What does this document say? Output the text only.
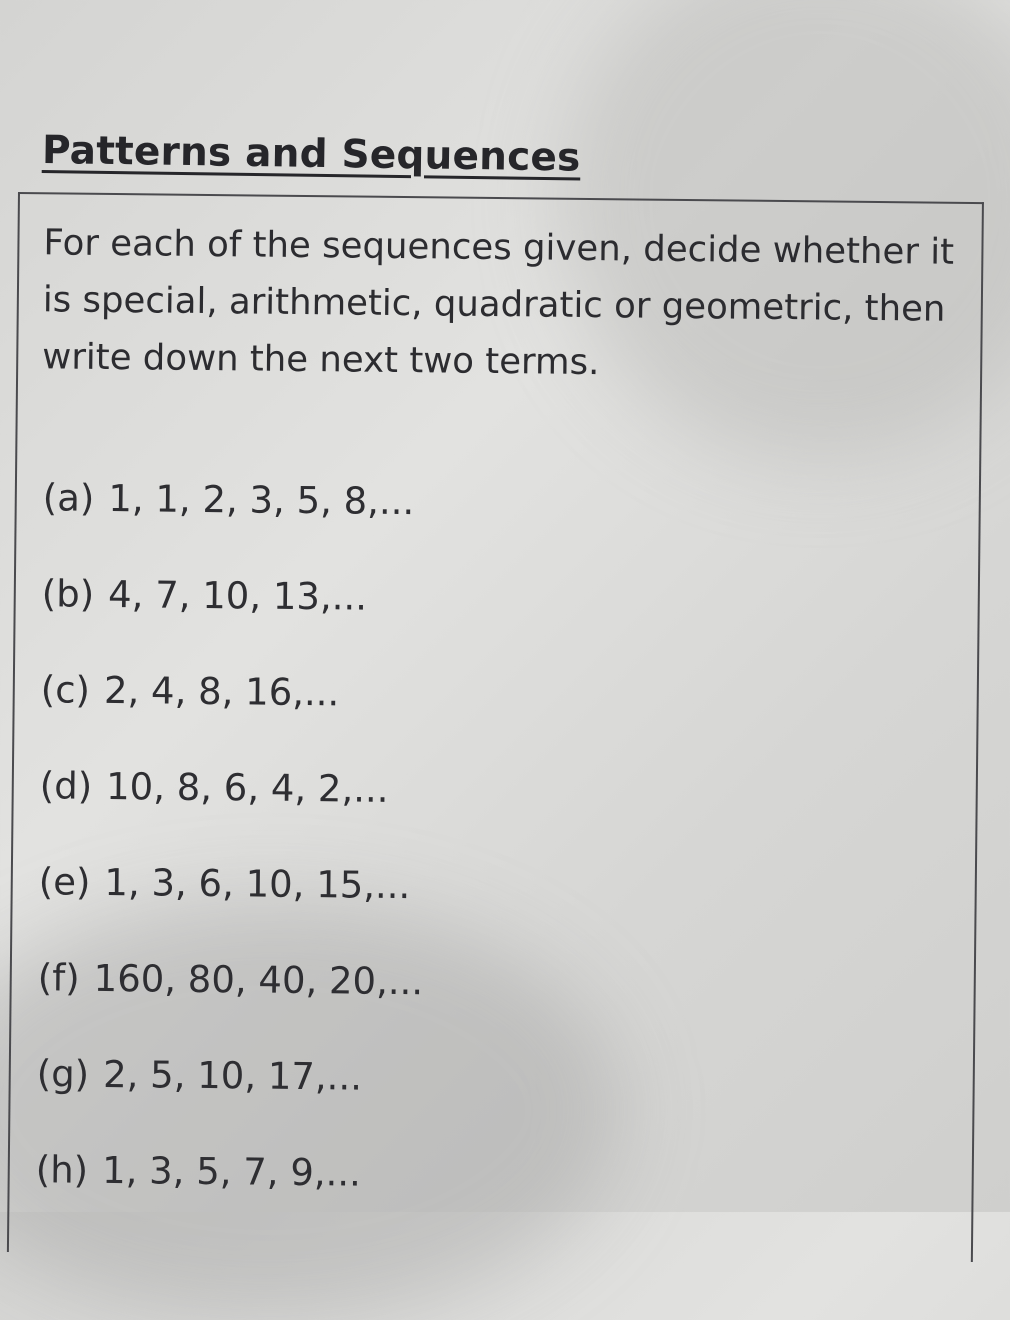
Patterns and Sequences

For each of the sequences given, decide whether it is special, arithmetic, quadratic or geometric, then write down the next two terms.

(a) 1, 1, 2, 3, 5, 8,...
(b) 4, 7, 10, 13,...
(c) 2, 4, 8, 16,...
(d) 10, 8, 6, 4, 2,...
(e) 1, 3, 6, 10, 15,...
(f) 160, 80, 40, 20,...
(g) 2, 5, 10, 17,...
(h) 1, 3, 5, 7, 9,...
